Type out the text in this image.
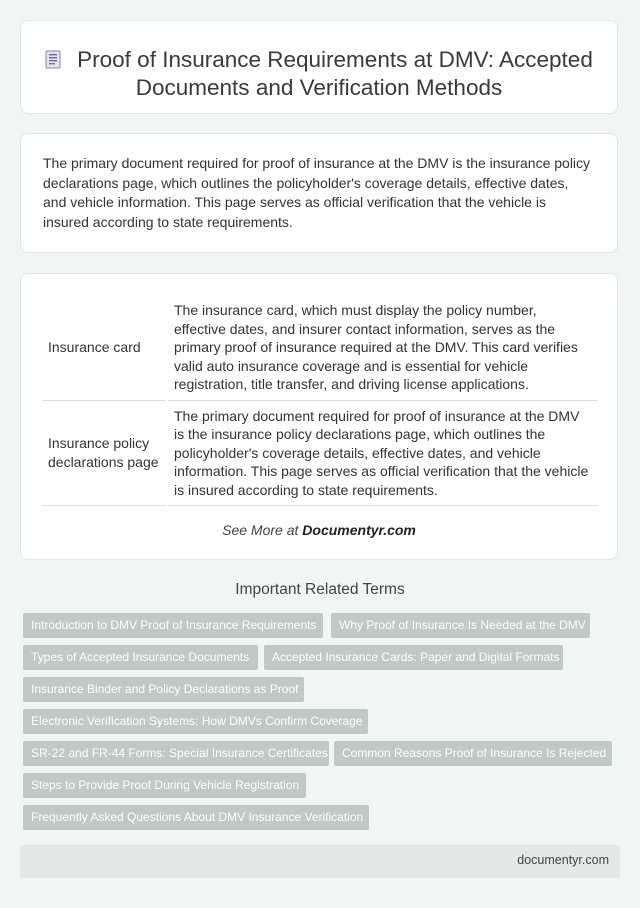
Proof of Insurance Requirements at DMV: Accepted Documents and Verification Methods

The primary document required for proof of insurance at the DMV is the insurance policy declarations page, which outlines the policyholder's coverage details, effective dates, and vehicle information. This page serves as official verification that the vehicle is insured according to state requirements.

Insurance card	The insurance card, which must display the policy number, effective dates, and insurer contact information, serves as the primary proof of insurance required at the DMV. This card verifies valid auto insurance coverage and is essential for vehicle registration, title transfer, and driving license applications.
Insurance policy declarations page	The primary document required for proof of insurance at the DMV is the insurance policy declarations page, which outlines the policyholder's coverage details, effective dates, and vehicle information. This page serves as official verification that the vehicle is insured according to state requirements.
See More at Documentyr.com
Important Related Terms
Introduction to DMV Proof of Insurance Requirements	Why Proof of Insurance Is Needed at the DMV
Types of Accepted Insurance Documents	Accepted Insurance Cards: Paper and Digital Formats
Insurance Binder and Policy Declarations as Proof
Electronic Verification Systems: How DMVs Confirm Coverage
SR-22 and FR-44 Forms: Special Insurance Certificates	Common Reasons Proof of Insurance Is Rejected
Steps to Provide Proof During Vehicle Registration
Frequently Asked Questions About DMV Insurance Verification
documentyr.com
